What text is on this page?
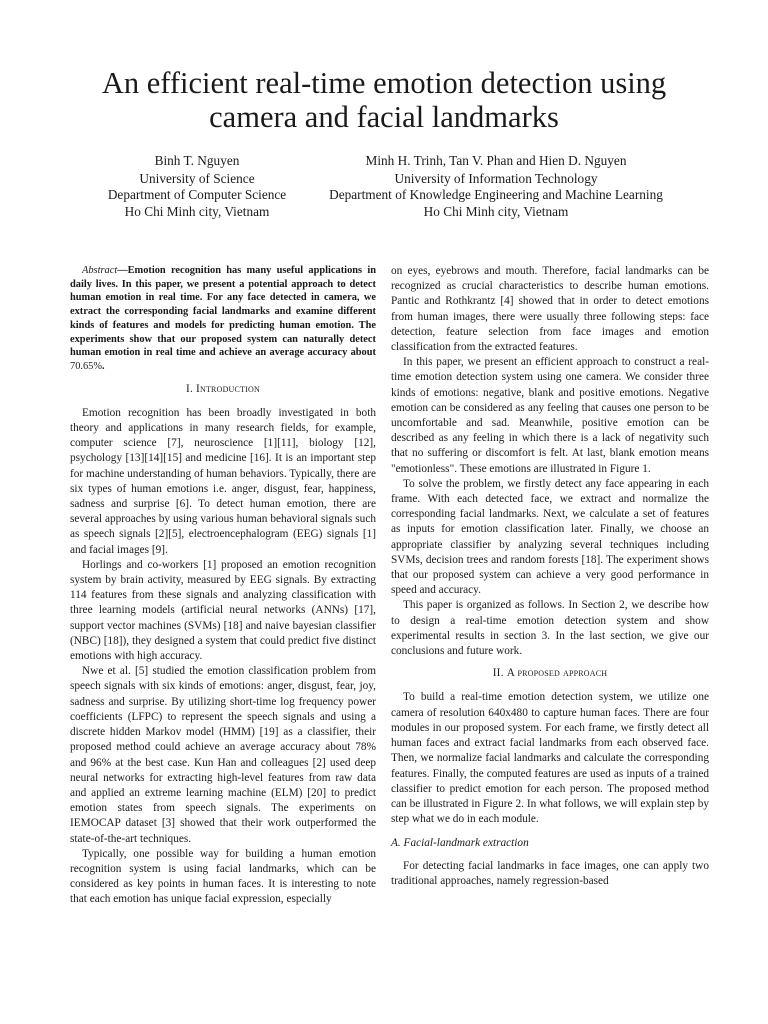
An efficient real-time emotion detection using
camera and facial landmarks
Binh T. Nguyen
University of Science
Department of Computer Science
Ho Chi Minh city, Vietnam
Minh H. Trinh, Tan V. Phan and Hien D. Nguyen
University of Information Technology
Department of Knowledge Engineering and Machine Learning
Ho Chi Minh city, Vietnam

Abstract—Emotion recognition has many useful applications in daily lives. In this paper, we present a potential approach to detect human emotion in real time. For any face detected in camera, we extract the corresponding facial landmarks and examine different kinds of features and models for predicting human emotion. The experiments show that our proposed system can naturally detect human emotion in real time and achieve an average accuracy about 70.65%.

I. Introduction

Emotion recognition has been broadly investigated in both theory and applications in many research fields, for example, computer science [7], neuroscience [1][11], biology [12], psychology [13][14][15] and medicine [16]. It is an important step for machine understanding of human behaviors. Typically, there are six types of human emotions i.e. anger, disgust, fear, happiness, sadness and surprise [6]. To detect human emotion, there are several approaches by using various human behavioral signals such as speech signals [2][5], electroencephalogram (EEG) signals [1] and facial images [9].

Horlings and co-workers [1] proposed an emotion recognition system by brain activity, measured by EEG signals. By extracting 114 features from these signals and analyzing classification with three learning models (artificial neural networks (ANNs) [17], support vector machines (SVMs) [18] and naive bayesian classifier (NBC) [18]), they designed a system that could predict five distinct emotions with high accuracy.

Nwe et al. [5] studied the emotion classification problem from speech signals with six kinds of emotions: anger, disgust, fear, joy, sadness and surprise. By utilizing short-time log frequency power coefficients (LFPC) to represent the speech signals and using a discrete hidden Markov model (HMM) [19] as a classifier, their proposed method could achieve an average accuracy about 78% and 96% at the best case. Kun Han and colleagues [2] used deep neural networks for extracting high-level features from raw data and applied an extreme learning machine (ELM) [20] to predict emotion states from speech signals. The experiments on IEMOCAP dataset [3] showed that their work outperformed the state-of-the-art techniques.

Typically, one possible way for building a human emotion recognition system is using facial landmarks, which can be considered as key points in human faces. It is interesting to note that each emotion has unique facial expression, especially

on eyes, eyebrows and mouth. Therefore, facial landmarks can be recognized as crucial characteristics to describe human emotions. Pantic and Rothkrantz [4] showed that in order to detect emotions from human images, there were usually three following steps: face detection, feature selection from face images and emotion classification from the extracted features.

In this paper, we present an efficient approach to construct a real-time emotion detection system using one camera. We consider three kinds of emotions: negative, blank and positive emotions. Negative emotion can be considered as any feeling that causes one person to be uncomfortable and sad. Meanwhile, positive emotion can be described as any feeling in which there is a lack of negativity such that no suffering or discomfort is felt. At last, blank emotion means "emotionless". These emotions are illustrated in Figure 1.

To solve the problem, we firstly detect any face appearing in each frame. With each detected face, we extract and normalize the corresponding facial landmarks. Next, we calculate a set of features as inputs for emotion classification later. Finally, we choose an appropriate classifier by analyzing several techniques including SVMs, decision trees and random forests [18]. The experiment shows that our proposed system can achieve a very good performance in speed and accuracy.

This paper is organized as follows. In Section 2, we describe how to design a real-time emotion detection system and show experimental results in section 3. In the last section, we give our conclusions and future work.

II. A proposed approach

To build a real-time emotion detection system, we utilize one camera of resolution 640x480 to capture human faces. There are four modules in our proposed system. For each frame, we firstly detect all human faces and extract facial landmarks from each observed face. Then, we normalize facial landmarks and calculate the corresponding features. Finally, the computed features are used as inputs of a trained classifier to predict emotion for each person. The proposed method can be illustrated in Figure 2. In what follows, we will explain step by step what we do in each module.

A. Facial-landmark extraction

For detecting facial landmarks in face images, one can apply two traditional approaches, namely regression-based
